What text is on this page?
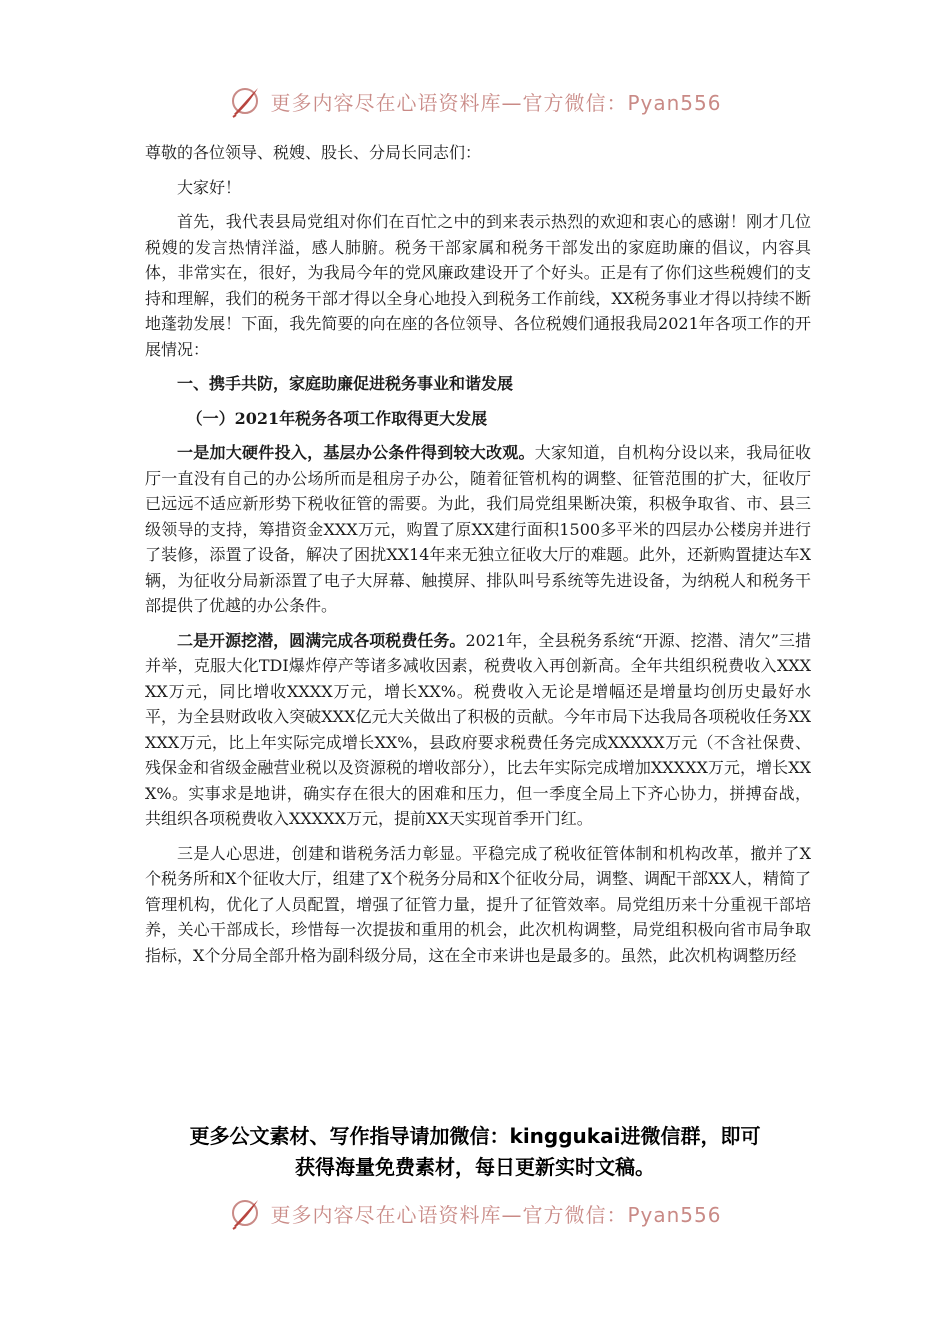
更多内容尽在心语资料库—官方微信：Pyan556

尊敬的各位领导、税嫂、股长、分局长同志们：

大家好！

首先，我代表县局党组对你们在百忙之中的到来表示热烈的欢迎和衷心的感谢！刚才几位税嫂的发言热情洋溢，感人肺腑。税务干部家属和税务干部发出的家庭助廉的倡议，内容具体，非常实在，很好，为我局今年的党风廉政建设开了个好头。正是有了你们这些税嫂们的支持和理解，我们的税务干部才得以全身心地投入到税务工作前线，XX税务事业才得以持续不断地蓬勃发展！下面，我先简要的向在座的各位领导、各位税嫂们通报我局2021年各项工作的开展情况：

一、携手共防，家庭助廉促进税务事业和谐发展

（一）2021年税务各项工作取得更大发展

一是加大硬件投入，基层办公条件得到较大改观。大家知道，自机构分设以来，我局征收厅一直没有自己的办公场所而是租房子办公，随着征管机构的调整、征管范围的扩大，征收厅已远远不适应新形势下税收征管的需要。为此，我们局党组果断决策，积极争取省、市、县三级领导的支持，筹措资金XXX万元，购置了原XX建行面积1500多平米的四层办公楼房并进行了装修，添置了设备，解决了困扰XX14年来无独立征收大厅的难题。此外，还新购置捷达车X辆，为征收分局新添置了电子大屏幕、触摸屏、排队叫号系统等先进设备，为纳税人和税务干部提供了优越的办公条件。

二是开源挖潜，圆满完成各项税费任务。2021年，全县税务系统“开源、挖潜、清欠”三措并举，克服大化TDI爆炸停产等诸多减收因素，税费收入再创新高。全年共组织税费收入XXXXX万元，同比增收XXXX万元，增长XX%。税费收入无论是增幅还是增量均创历史最好水平，为全县财政收入突破XXX亿元大关做出了积极的贡献。今年市局下达我局各项税收任务XXXXX万元，比上年实际完成增长XX%，县政府要求税费任务完成XXXXX万元（不含社保费、残保金和省级金融营业税以及资源税的增收部分），比去年实际完成增加XXXXX万元，增长XXX%。实事求是地讲，确实存在很大的困难和压力，但一季度全局上下齐心协力，拼搏奋战，共组织各项税费收入XXXXX万元，提前XX天实现首季开门红。

三是人心思进，创建和谐税务活力彰显。平稳完成了税收征管体制和机构改革，撤并了X个税务所和X个征收大厅，组建了X个税务分局和X个征收分局，调整、调配干部XX人，精简了管理机构，优化了人员配置，增强了征管力量，提升了征管效率。局党组历来十分重视干部培养，关心干部成长，珍惜每一次提拔和重用的机会，此次机构调整，局党组积极向省市局争取指标，X个分局全部升格为副科级分局，这在全市来讲也是最多的。虽然，此次机构调整历经

更多公文素材、写作指导请加微信：kinggukai进微信群，即可
获得海量免费素材，每日更新实时文稿。
更多内容尽在心语资料库—官方微信：Pyan556
